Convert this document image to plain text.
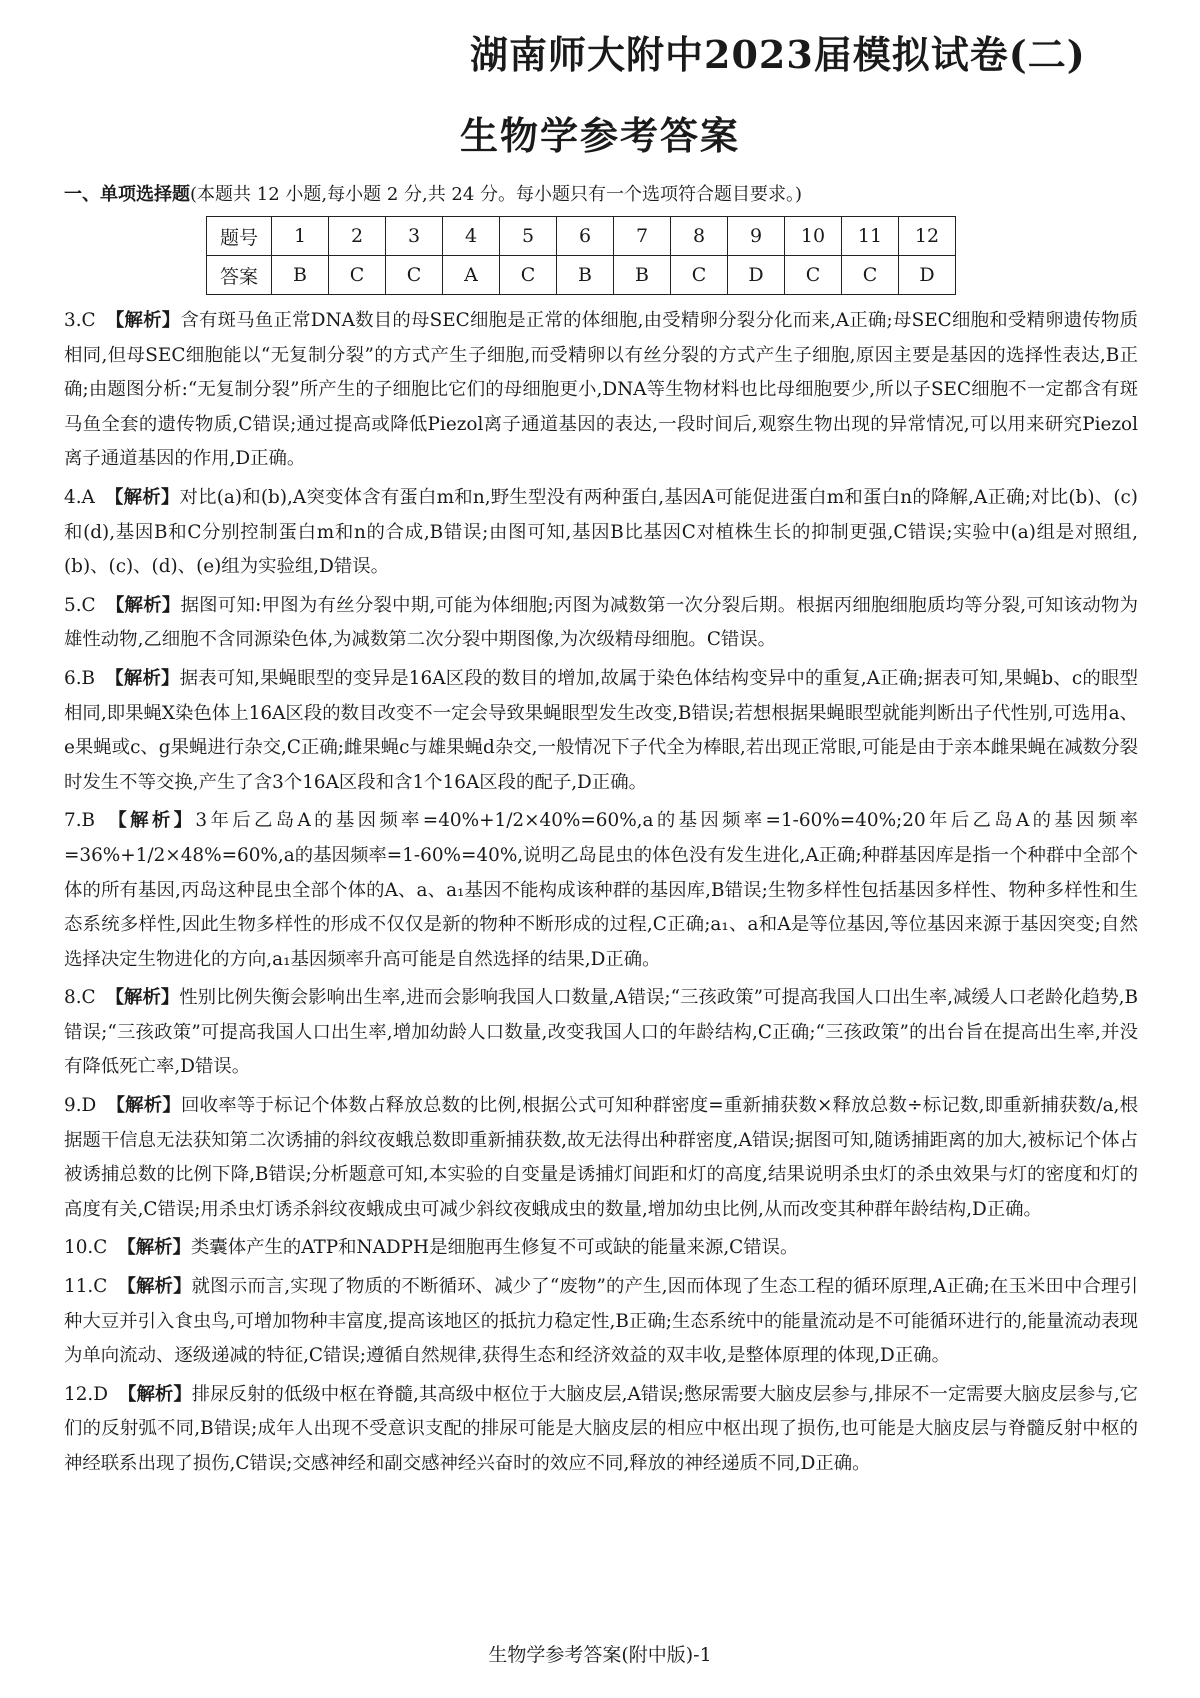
湖南师大附中2023届模拟试卷(二)
生物学参考答案
一、单项选择题(本题共 12 小题,每小题 2 分,共 24 分。每小题只有一个选项符合题目要求。)
题号	1	2	3	4	5	6	7	8	9	10	11	12
答案	B	C	C	A	C	B	B	C	D	C	C	D
3.C 【解析】含有斑马鱼正常DNA数目的母SEC细胞是正常的体细胞,由受精卵分裂分化而来,A正确;母SEC细胞和受精卵遗传物质相同,但母SEC细胞能以“无复制分裂”的方式产生子细胞,而受精卵以有丝分裂的方式产生子细胞,原因主要是基因的选择性表达,B正确;由题图分析:“无复制分裂”所产生的子细胞比它们的母细胞更小,DNA等生物材料也比母细胞要少,所以子SEC细胞不一定都含有斑马鱼全套的遗传物质,C错误;通过提高或降低Piezol离子通道基因的表达,一段时间后,观察生物出现的异常情况,可以用来研究Piezol离子通道基因的作用,D正确。
4.A 【解析】对比(a)和(b),A突变体含有蛋白m和n,野生型没有两种蛋白,基因A可能促进蛋白m和蛋白n的降解,A正确;对比(b)、(c)和(d),基因B和C分别控制蛋白m和n的合成,B错误;由图可知,基因B比基因C对植株生长的抑制更强,C错误;实验中(a)组是对照组,(b)、(c)、(d)、(e)组为实验组,D错误。
5.C 【解析】据图可知:甲图为有丝分裂中期,可能为体细胞;丙图为减数第一次分裂后期。根据丙细胞细胞质均等分裂,可知该动物为雄性动物,乙细胞不含同源染色体,为减数第二次分裂中期图像,为次级精母细胞。C错误。
6.B 【解析】据表可知,果蝇眼型的变异是16A区段的数目的增加,故属于染色体结构变异中的重复,A正确;据表可知,果蝇b、c的眼型相同,即果蝇X染色体上16A区段的数目改变不一定会导致果蝇眼型发生改变,B错误;若想根据果蝇眼型就能判断出子代性别,可选用a、e果蝇或c、g果蝇进行杂交,C正确;雌果蝇c与雄果蝇d杂交,一般情况下子代全为棒眼,若出现正常眼,可能是由于亲本雌果蝇在减数分裂时发生不等交换,产生了含3个16A区段和含1个16A区段的配子,D正确。
7.B 【解析】3年后乙岛A的基因频率=40%+1/2×40%=60%,a的基因频率=1-60%=40%;20年后乙岛A的基因频率=36%+1/2×48%=60%,a的基因频率=1-60%=40%,说明乙岛昆虫的体色没有发生进化,A正确;种群基因库是指一个种群中全部个体的所有基因,丙岛这种昆虫全部个体的A、a、a₁基因不能构成该种群的基因库,B错误;生物多样性包括基因多样性、物种多样性和生态系统多样性,因此生物多样性的形成不仅仅是新的物种不断形成的过程,C正确;a₁、a和A是等位基因,等位基因来源于基因突变;自然选择决定生物进化的方向,a₁基因频率升高可能是自然选择的结果,D正确。
8.C 【解析】性别比例失衡会影响出生率,进而会影响我国人口数量,A错误;“三孩政策”可提高我国人口出生率,减缓人口老龄化趋势,B错误;“三孩政策”可提高我国人口出生率,增加幼龄人口数量,改变我国人口的年龄结构,C正确;“三孩政策”的出台旨在提高出生率,并没有降低死亡率,D错误。
9.D 【解析】回收率等于标记个体数占释放总数的比例,根据公式可知种群密度=重新捕获数×释放总数÷标记数,即重新捕获数/a,根据题干信息无法获知第二次诱捕的斜纹夜蛾总数即重新捕获数,故无法得出种群密度,A错误;据图可知,随诱捕距离的加大,被标记个体占被诱捕总数的比例下降,B错误;分析题意可知,本实验的自变量是诱捕灯间距和灯的高度,结果说明杀虫灯的杀虫效果与灯的密度和灯的高度有关,C错误;用杀虫灯诱杀斜纹夜蛾成虫可减少斜纹夜蛾成虫的数量,增加幼虫比例,从而改变其种群年龄结构,D正确。
10.C 【解析】类囊体产生的ATP和NADPH是细胞再生修复不可或缺的能量来源,C错误。
11.C 【解析】就图示而言,实现了物质的不断循环、减少了“废物”的产生,因而体现了生态工程的循环原理,A正确;在玉米田中合理引种大豆并引入食虫鸟,可增加物种丰富度,提高该地区的抵抗力稳定性,B正确;生态系统中的能量流动是不可能循环进行的,能量流动表现为单向流动、逐级递减的特征,C错误;遵循自然规律,获得生态和经济效益的双丰收,是整体原理的体现,D正确。
12.D 【解析】排尿反射的低级中枢在脊髓,其高级中枢位于大脑皮层,A错误;憋尿需要大脑皮层参与,排尿不一定需要大脑皮层参与,它们的反射弧不同,B错误;成年人出现不受意识支配的排尿可能是大脑皮层的相应中枢出现了损伤,也可能是大脑皮层与脊髓反射中枢的神经联系出现了损伤,C错误;交感神经和副交感神经兴奋时的效应不同,释放的神经递质不同,D正确。
生物学参考答案(附中版)-1
